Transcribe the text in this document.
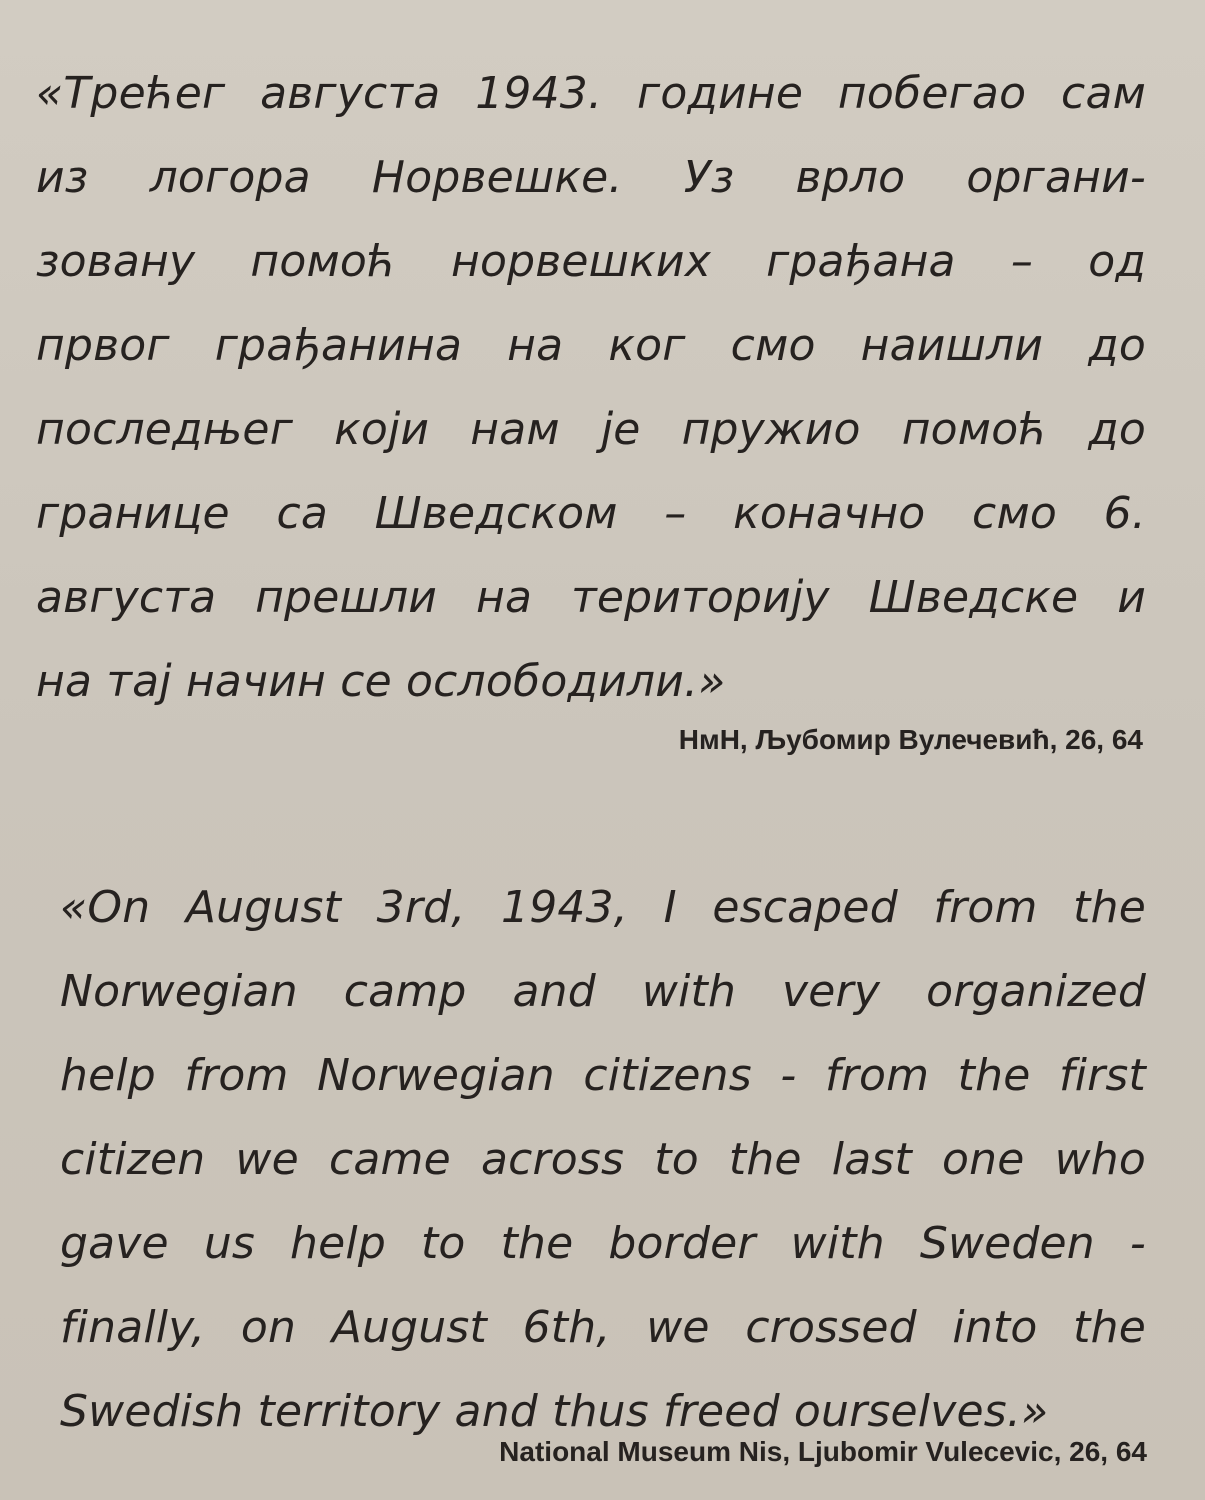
«Трећег августа 1943. године побегао сам
из логора Норвешке. Уз врло органи-
зовану помоћ норвешких грађана – од
првог грађанина на ког смо наишли до
последњег који нам је пружио помоћ до
границе са Шведском – коначно смо 6.
августа прешли на територију Шведске и
на тај начин се ослободили.»
НмН, Љубомир Вулечевић, 26, 64
«On August 3rd, 1943, I escaped from the
Norwegian camp and with very organized
help from Norwegian citizens - from the first
citizen we came across to the last one who
gave us help to the border with Sweden -
finally, on August 6th, we crossed into the
Swedish territory and thus freed ourselves.»
National Museum Nis, Ljubomir Vulecevic, 26, 64
